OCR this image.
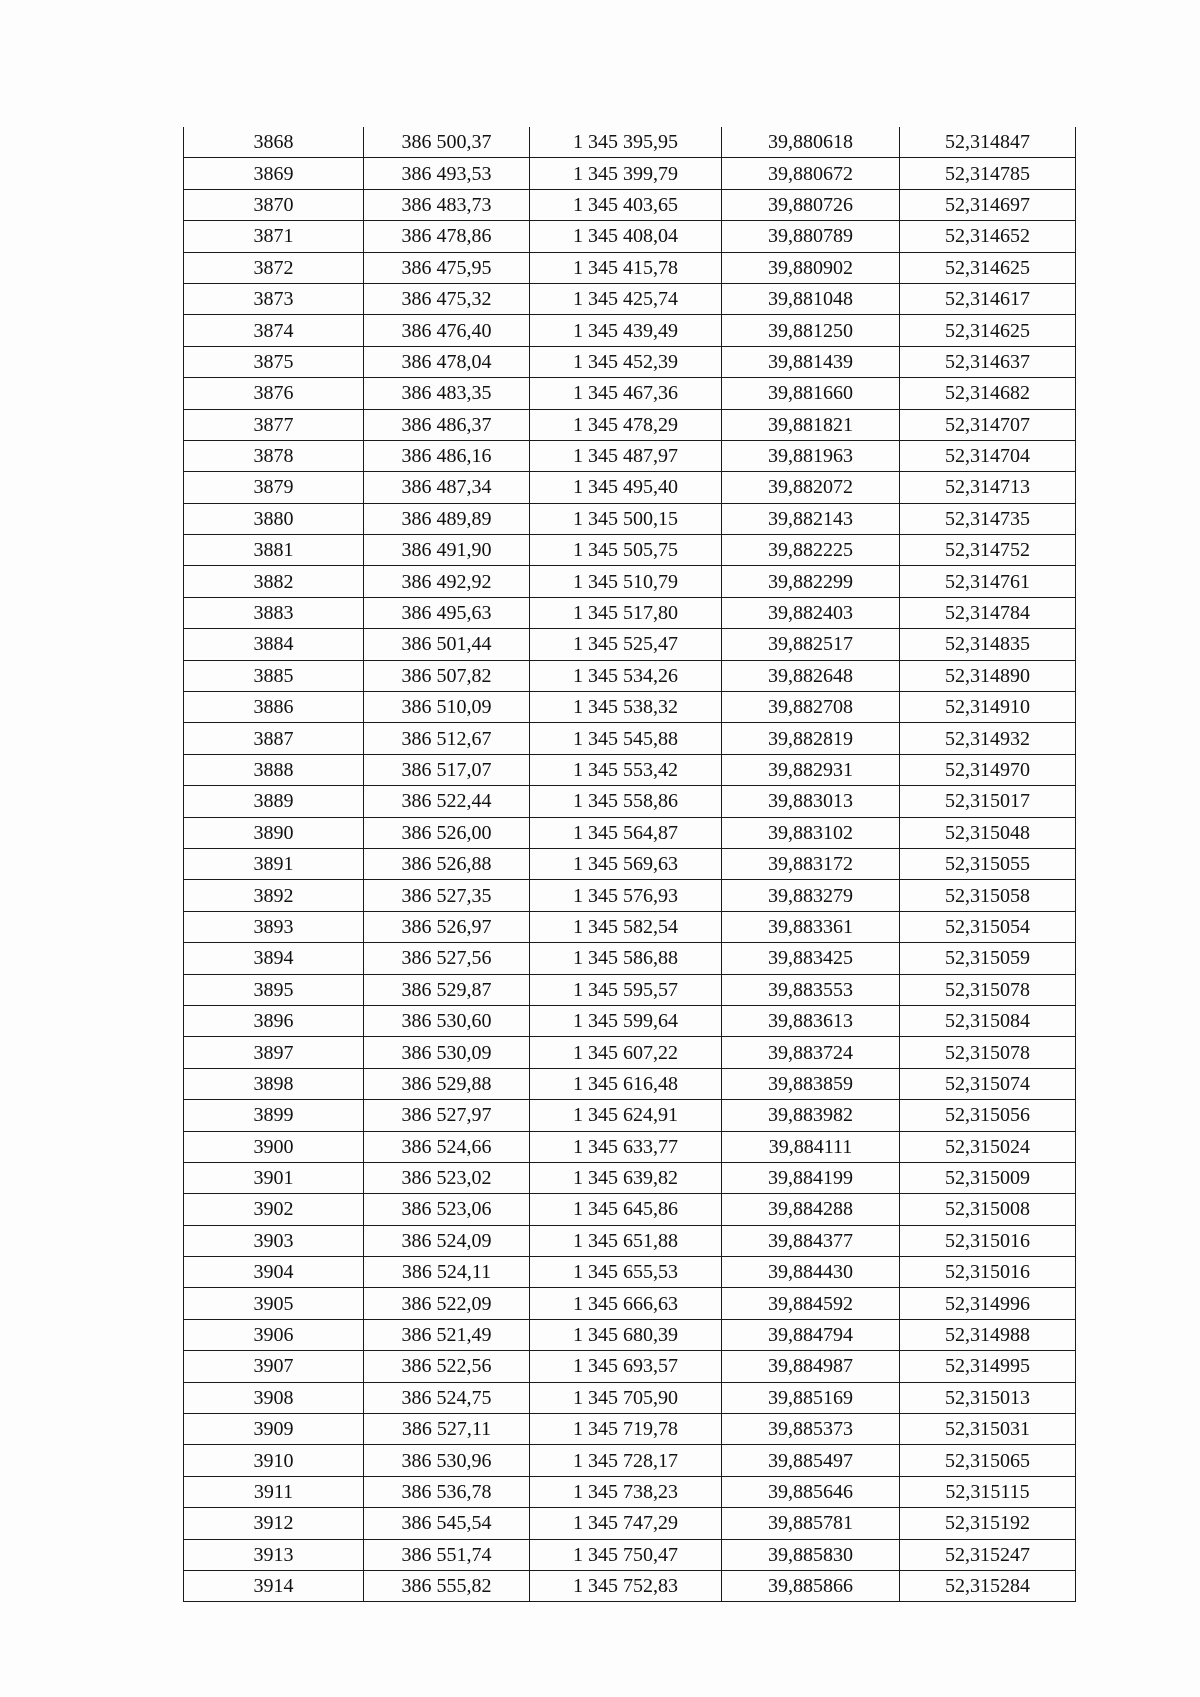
3868	386 500,37	1 345 395,95	39,880618	52,314847
3869	386 493,53	1 345 399,79	39,880672	52,314785
3870	386 483,73	1 345 403,65	39,880726	52,314697
3871	386 478,86	1 345 408,04	39,880789	52,314652
3872	386 475,95	1 345 415,78	39,880902	52,314625
3873	386 475,32	1 345 425,74	39,881048	52,314617
3874	386 476,40	1 345 439,49	39,881250	52,314625
3875	386 478,04	1 345 452,39	39,881439	52,314637
3876	386 483,35	1 345 467,36	39,881660	52,314682
3877	386 486,37	1 345 478,29	39,881821	52,314707
3878	386 486,16	1 345 487,97	39,881963	52,314704
3879	386 487,34	1 345 495,40	39,882072	52,314713
3880	386 489,89	1 345 500,15	39,882143	52,314735
3881	386 491,90	1 345 505,75	39,882225	52,314752
3882	386 492,92	1 345 510,79	39,882299	52,314761
3883	386 495,63	1 345 517,80	39,882403	52,314784
3884	386 501,44	1 345 525,47	39,882517	52,314835
3885	386 507,82	1 345 534,26	39,882648	52,314890
3886	386 510,09	1 345 538,32	39,882708	52,314910
3887	386 512,67	1 345 545,88	39,882819	52,314932
3888	386 517,07	1 345 553,42	39,882931	52,314970
3889	386 522,44	1 345 558,86	39,883013	52,315017
3890	386 526,00	1 345 564,87	39,883102	52,315048
3891	386 526,88	1 345 569,63	39,883172	52,315055
3892	386 527,35	1 345 576,93	39,883279	52,315058
3893	386 526,97	1 345 582,54	39,883361	52,315054
3894	386 527,56	1 345 586,88	39,883425	52,315059
3895	386 529,87	1 345 595,57	39,883553	52,315078
3896	386 530,60	1 345 599,64	39,883613	52,315084
3897	386 530,09	1 345 607,22	39,883724	52,315078
3898	386 529,88	1 345 616,48	39,883859	52,315074
3899	386 527,97	1 345 624,91	39,883982	52,315056
3900	386 524,66	1 345 633,77	39,884111	52,315024
3901	386 523,02	1 345 639,82	39,884199	52,315009
3902	386 523,06	1 345 645,86	39,884288	52,315008
3903	386 524,09	1 345 651,88	39,884377	52,315016
3904	386 524,11	1 345 655,53	39,884430	52,315016
3905	386 522,09	1 345 666,63	39,884592	52,314996
3906	386 521,49	1 345 680,39	39,884794	52,314988
3907	386 522,56	1 345 693,57	39,884987	52,314995
3908	386 524,75	1 345 705,90	39,885169	52,315013
3909	386 527,11	1 345 719,78	39,885373	52,315031
3910	386 530,96	1 345 728,17	39,885497	52,315065
3911	386 536,78	1 345 738,23	39,885646	52,315115
3912	386 545,54	1 345 747,29	39,885781	52,315192
3913	386 551,74	1 345 750,47	39,885830	52,315247
3914	386 555,82	1 345 752,83	39,885866	52,315284
